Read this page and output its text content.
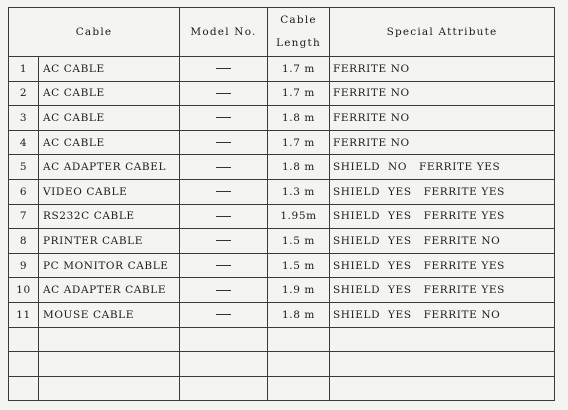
Cable		Model No.	Cable
Length	Special Attribute
1	AC CABLE		1.7 m	FERRITE NO
2	AC CABLE		1.7 m	FERRITE NO
3	AC CABLE		1.8 m	FERRITE NO
4	AC CABLE		1.7 m	FERRITE NO
5	AC ADAPTER CABEL		1.8 m	SHIELD  NO FERRITE YES
6	VIDEO CABLE		1.3 m	SHIELD  YES FERRITE YES
7	RS232C CABLE		1.95m	SHIELD  YES FERRITE YES
8	PRINTER CABLE		1.5 m	SHIELD  YES FERRITE NO
9	PC MONITOR CABLE		1.5 m	SHIELD  YES FERRITE YES
10	AC ADAPTER CABLE		1.9 m	SHIELD  YES FERRITE YES
11	MOUSE CABLE		1.8 m	SHIELD  YES FERRITE NO
